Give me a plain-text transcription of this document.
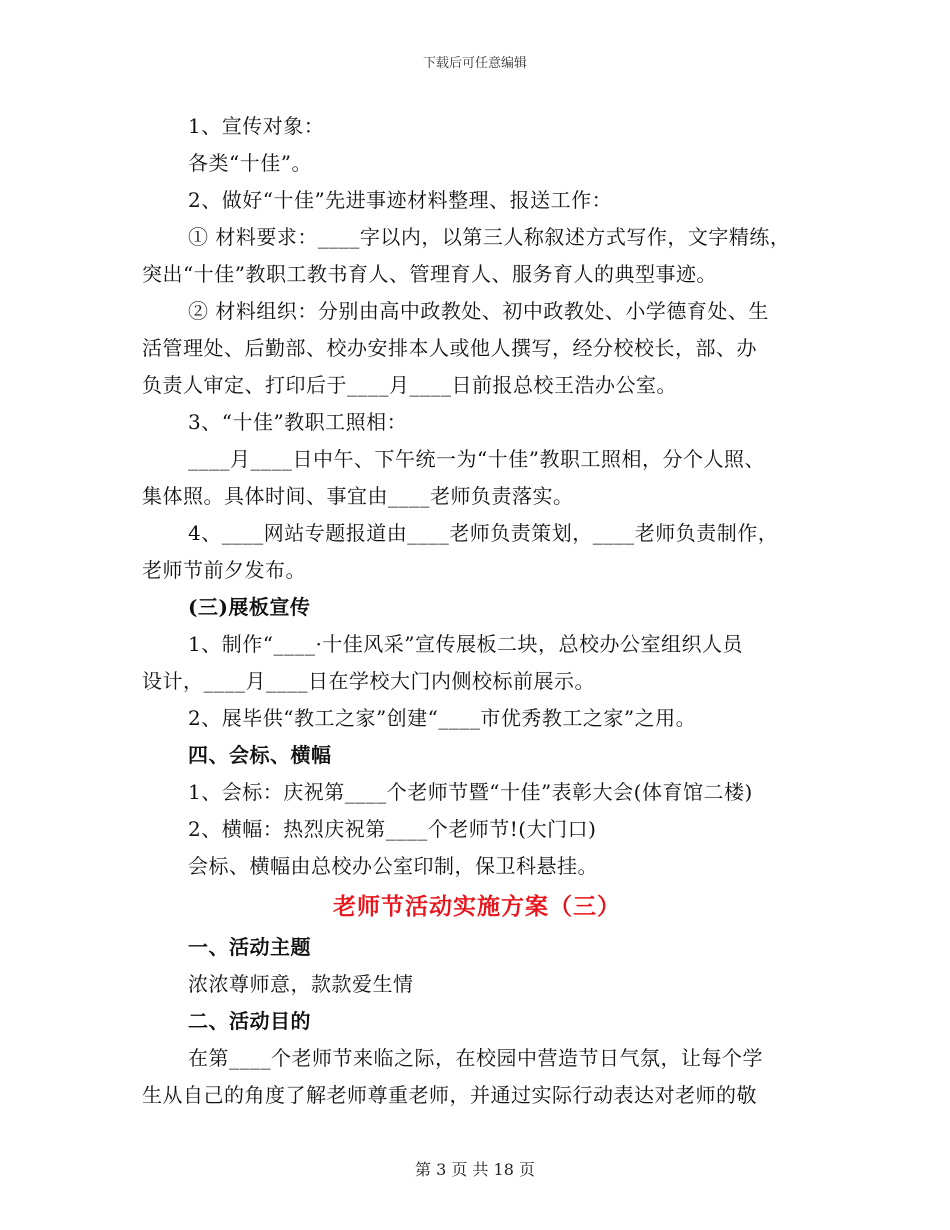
下载后可任意编辑

1、宣传对象：

各类“十佳”。

2、做好“十佳”先进事迹材料整理、报送工作：

① 材料要求：____字以内，以第三人称叙述方式写作，文字精练，

突出“十佳”教职工教书育人、管理育人、服务育人的典型事迹。

② 材料组织：分别由高中政教处、初中政教处、小学德育处、生

活管理处、后勤部、校办安排本人或他人撰写，经分校校长，部、办

负责人审定、打印后于____月____日前报总校王浩办公室。

3、“十佳”教职工照相：

____月____日中午、下午统一为“十佳”教职工照相，分个人照、

集体照。具体时间、事宜由____老师负责落实。

4、____网站专题报道由____老师负责策划，____老师负责制作，

老师节前夕发布。

(三)展板宣传

1、制作“____·十佳风采”宣传展板二块，总校办公室组织人员

设计，____月____日在学校大门内侧校标前展示。

2、展毕供“教工之家”创建“____市优秀教工之家”之用。

四、会标、横幅

1、会标：庆祝第____个老师节暨“十佳”表彰大会(体育馆二楼)

2、横幅：热烈庆祝第____个老师节!(大门口)

会标、横幅由总校办公室印制，保卫科悬挂。

老师节活动实施方案（三）

一、活动主题

浓浓尊师意，款款爱生情

二、活动目的

在第____个老师节来临之际，在校园中营造节日气氛，让每个学

生从自己的角度了解老师尊重老师，并通过实际行动表达对老师的敬

第 3 页 共 18 页
